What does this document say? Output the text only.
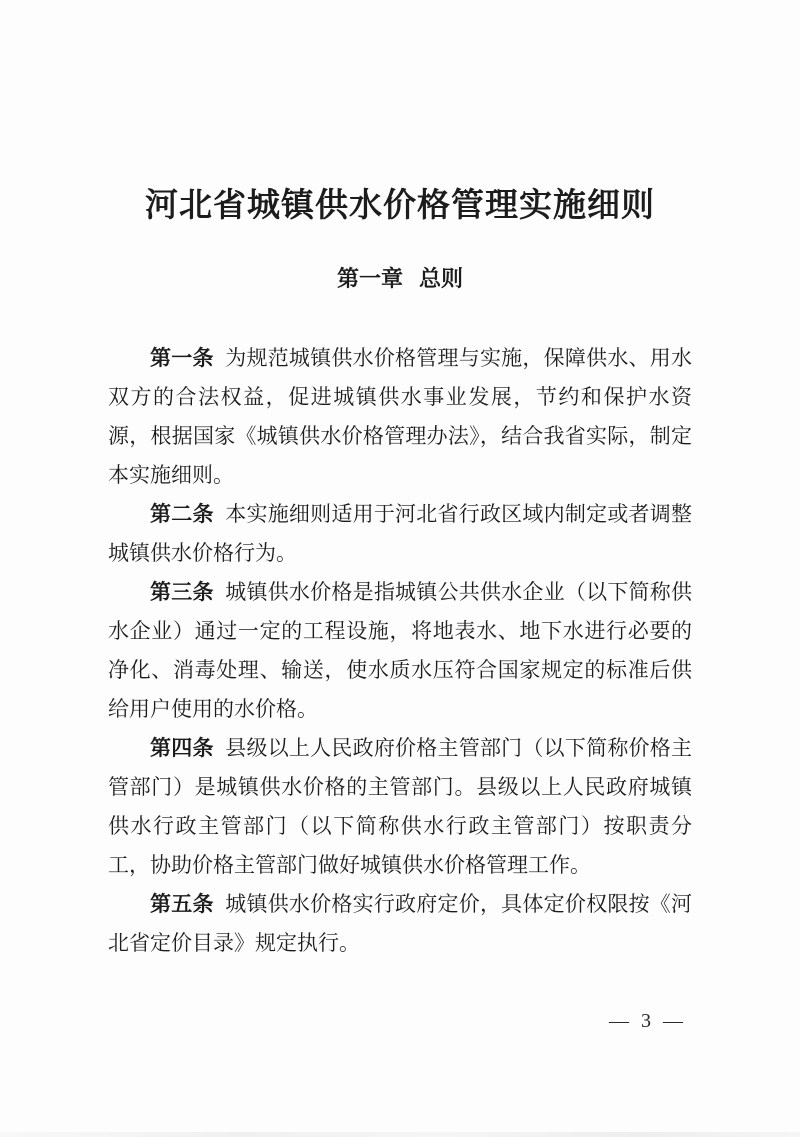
河北省城镇供水价格管理实施细则
第一章 总则

第一条 为规范城镇供水价格管理与实施，保障供水、用水双方的合法权益，促进城镇供水事业发展，节约和保护水资源，根据国家《城镇供水价格管理办法》，结合我省实际，制定本实施细则。

第二条 本实施细则适用于河北省行政区域内制定或者调整城镇供水价格行为。

第三条 城镇供水价格是指城镇公共供水企业（以下简称供水企业）通过一定的工程设施，将地表水、地下水进行必要的净化、消毒处理、输送，使水质水压符合国家规定的标准后供给用户使用的水价格。

第四条 县级以上人民政府价格主管部门（以下简称价格主管部门）是城镇供水价格的主管部门。县级以上人民政府城镇供水行政主管部门（以下简称供水行政主管部门）按职责分工，协助价格主管部门做好城镇供水价格管理工作。

第五条 城镇供水价格实行政府定价，具体定价权限按《河北省定价目录》规定执行。

— 3 —
